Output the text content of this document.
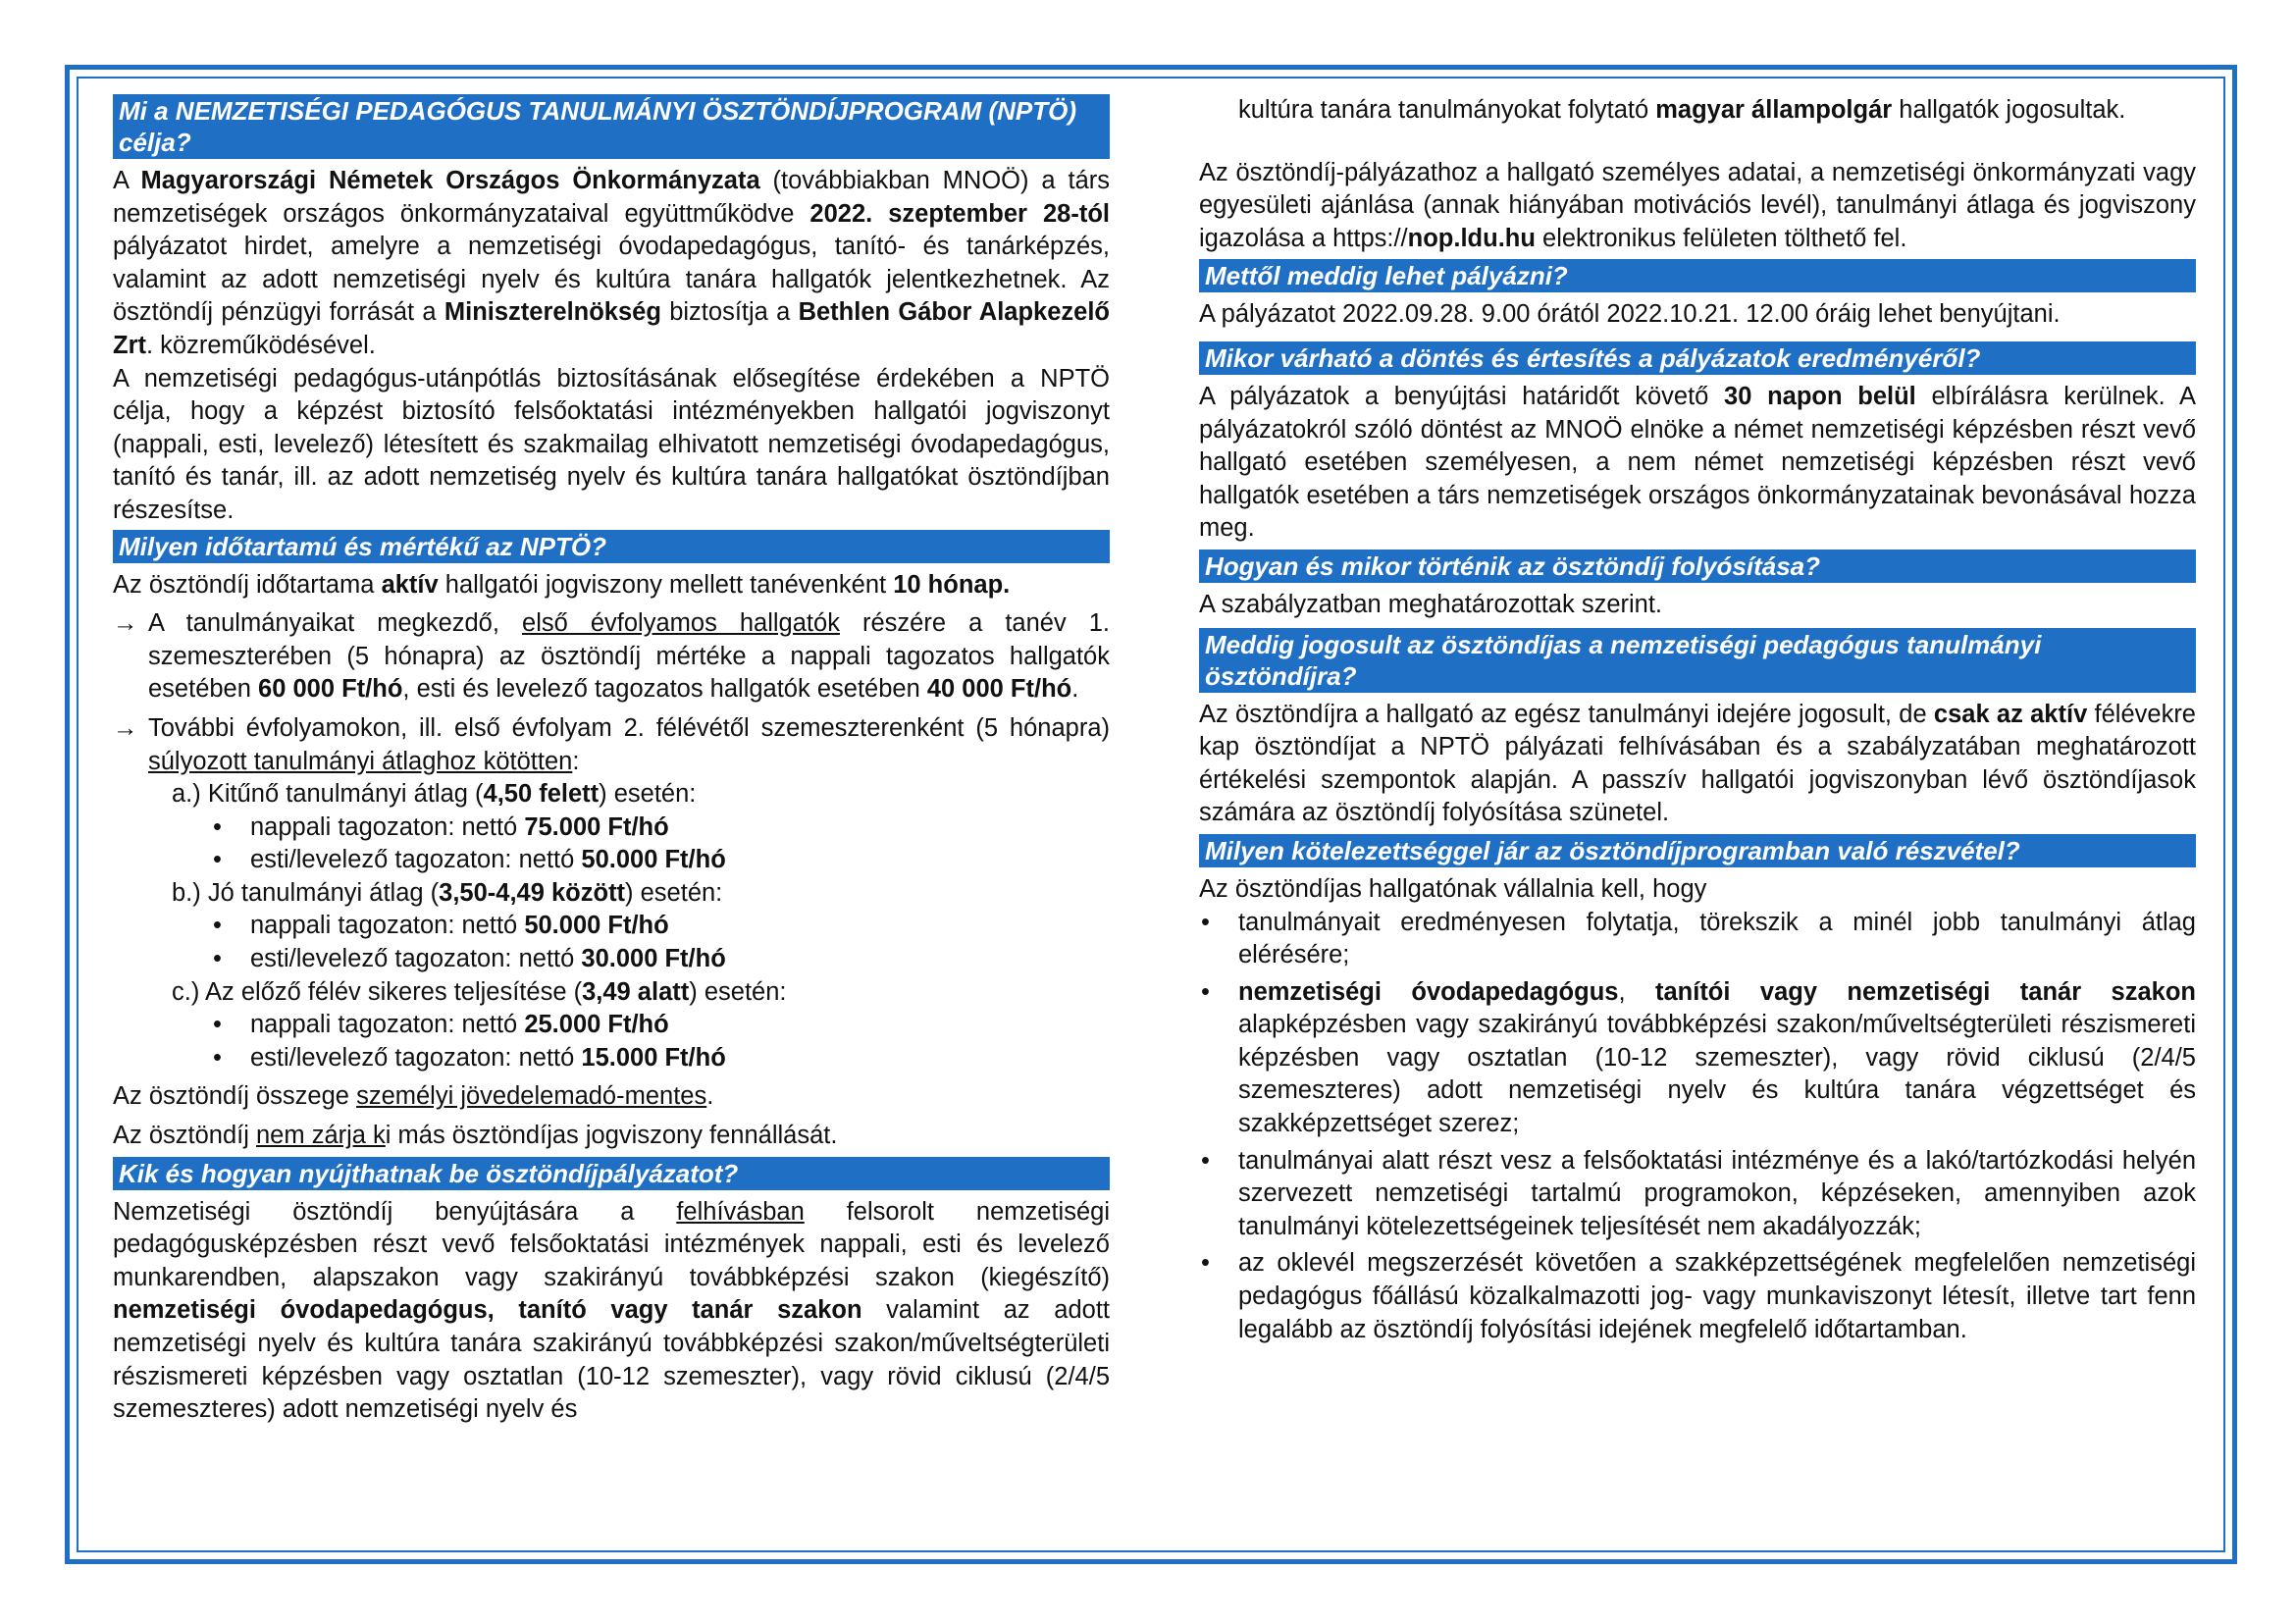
Mi a NEMZETISÉGI PEDAGÓGUS TANULMÁNYI ÖSZTÖNDÍJPROGRAM (NPTÖ) célja?

A Magyarországi Németek Országos Önkormányzata (továbbiakban MNOÖ) a társ nemzetiségek országos önkormányzataival együttműködve 2022. szeptember 28-tól pályázatot hirdet, amelyre a nemzetiségi óvodapedagógus, tanító- és tanárképzés, valamint az adott nemzetiségi nyelv és kultúra tanára hallgatók jelentkezhetnek. Az ösztöndíj pénzügyi forrását a Miniszterelnökség biztosítja a Bethlen Gábor Alapkezelő Zrt. közreműködésével.

A nemzetiségi pedagógus-utánpótlás biztosításának elősegítése érdekében a NPTÖ célja, hogy a képzést biztosító felsőoktatási intézményekben hallgatói jogviszonyt (nappali, esti, levelező) létesített és szakmailag elhivatott nemzetiségi óvodapedagógus, tanító és tanár, ill. az adott nemzetiség nyelv és kultúra tanára hallgatókat ösztöndíjban részesítse.

Milyen időtartamú és mértékű az NPTÖ?

Az ösztöndíj időtartama aktív hallgatói jogviszony mellett tanévenként 10 hónap.

→ A tanulmányaikat megkezdő, első évfolyamos hallgatók részére a tanév 1. szemeszterében (5 hónapra) az ösztöndíj mértéke a nappali tagozatos hallgatók esetében 60 000 Ft/hó, esti és levelező tagozatos hallgatók esetében 40 000 Ft/hó.
→ További évfolyamokon, ill. első évfolyam 2. félévétől szemeszterenként (5 hónapra) súlyozott tanulmányi átlaghoz kötötten:
a.) Kitűnő tanulmányi átlag (4,50 felett) esetén:
• nappali tagozaton: nettó 75.000 Ft/hó
• esti/levelező tagozaton: nettó 50.000 Ft/hó
b.) Jó tanulmányi átlag (3,50-4,49 között) esetén:
• nappali tagozaton: nettó 50.000 Ft/hó
• esti/levelező tagozaton: nettó 30.000 Ft/hó
c.) Az előző félév sikeres teljesítése (3,49 alatt) esetén:
• nappali tagozaton: nettó 25.000 Ft/hó
• esti/levelező tagozaton: nettó 15.000 Ft/hó

Az ösztöndíj összege személyi jövedelemadó-mentes.

Az ösztöndíj nem zárja ki más ösztöndíjas jogviszony fennállását.

Kik és hogyan nyújthatnak be ösztöndíjpályázatot?

Nemzetiségi ösztöndíj benyújtására a felhívásban felsorolt nemzetiségi pedagógusképzésben részt vevő felsőoktatási intézmények nappali, esti és levelező munkarendben, alapszakon vagy szakirányú továbbképzési szakon (kiegészítő) nemzetiségi óvodapedagógus, tanító vagy tanár szakon valamint az adott nemzetiségi nyelv és kultúra tanára szakirányú továbbképzési szakon/műveltségterületi részismereti képzésben vagy osztatlan (10-12 szemeszter), vagy rövid ciklusú (2/4/5 szemeszteres) adott nemzetiségi nyelv és

kultúra tanára tanulmányokat folytató magyar állampolgár hallgatók jogosultak.

Az ösztöndíj-pályázathoz a hallgató személyes adatai, a nemzetiségi önkormányzati vagy egyesületi ajánlása (annak hiányában motivációs levél), tanulmányi átlaga és jogviszony igazolása a https://nop.ldu.hu elektronikus felületen tölthető fel.

Mettől meddig lehet pályázni?

A pályázatot 2022.09.28. 9.00 órától 2022.10.21. 12.00 óráig lehet benyújtani.

Mikor várható a döntés és értesítés a pályázatok eredményéről?

A pályázatok a benyújtási határidőt követő 30 napon belül elbírálásra kerülnek. A pályázatokról szóló döntést az MNOÖ elnöke a német nemzetiségi képzésben részt vevő hallgató esetében személyesen, a nem német nemzetiségi képzésben részt vevő hallgatók esetében a társ nemzetiségek országos önkormányzatainak bevonásával hozza meg.

Hogyan és mikor történik az ösztöndíj folyósítása?

A szabályzatban meghatározottak szerint.

Meddig jogosult az ösztöndíjas a nemzetiségi pedagógus tanulmányi ösztöndíjra?

Az ösztöndíjra a hallgató az egész tanulmányi idejére jogosult, de csak az aktív félévekre kap ösztöndíjat a NPTÖ pályázati felhívásában és a szabályzatában meghatározott értékelési szempontok alapján. A passzív hallgatói jogviszonyban lévő ösztöndíjasok számára az ösztöndíj folyósítása szünetel.

Milyen kötelezettséggel jár az ösztöndíjprogramban való részvétel?

Az ösztöndíjas hallgatónak vállalnia kell, hogy

• tanulmányait eredményesen folytatja, törekszik a minél jobb tanulmányi átlag elérésére;
• nemzetiségi óvodapedagógus, tanítói vagy nemzetiségi tanár szakon alapképzésben vagy szakirányú továbbképzési szakon/műveltségterületi részismereti képzésben vagy osztatlan (10-12 szemeszter), vagy rövid ciklusú (2/4/5 szemeszteres) adott nemzetiségi nyelv és kultúra tanára végzettséget és szakképzettséget szerez;
• tanulmányai alatt részt vesz a felsőoktatási intézménye és a lakó/tartózkodási helyén szervezett nemzetiségi tartalmú programokon, képzéseken, amennyiben azok tanulmányi kötelezettségeinek teljesítését nem akadályozzák;
• az oklevél megszerzését követően a szakképzettségének megfelelően nemzetiségi pedagógus főállású közalkalmazotti jog- vagy munkaviszonyt létesít, illetve tart fenn legalább az ösztöndíj folyósítási idejének megfelelő időtartamban.
